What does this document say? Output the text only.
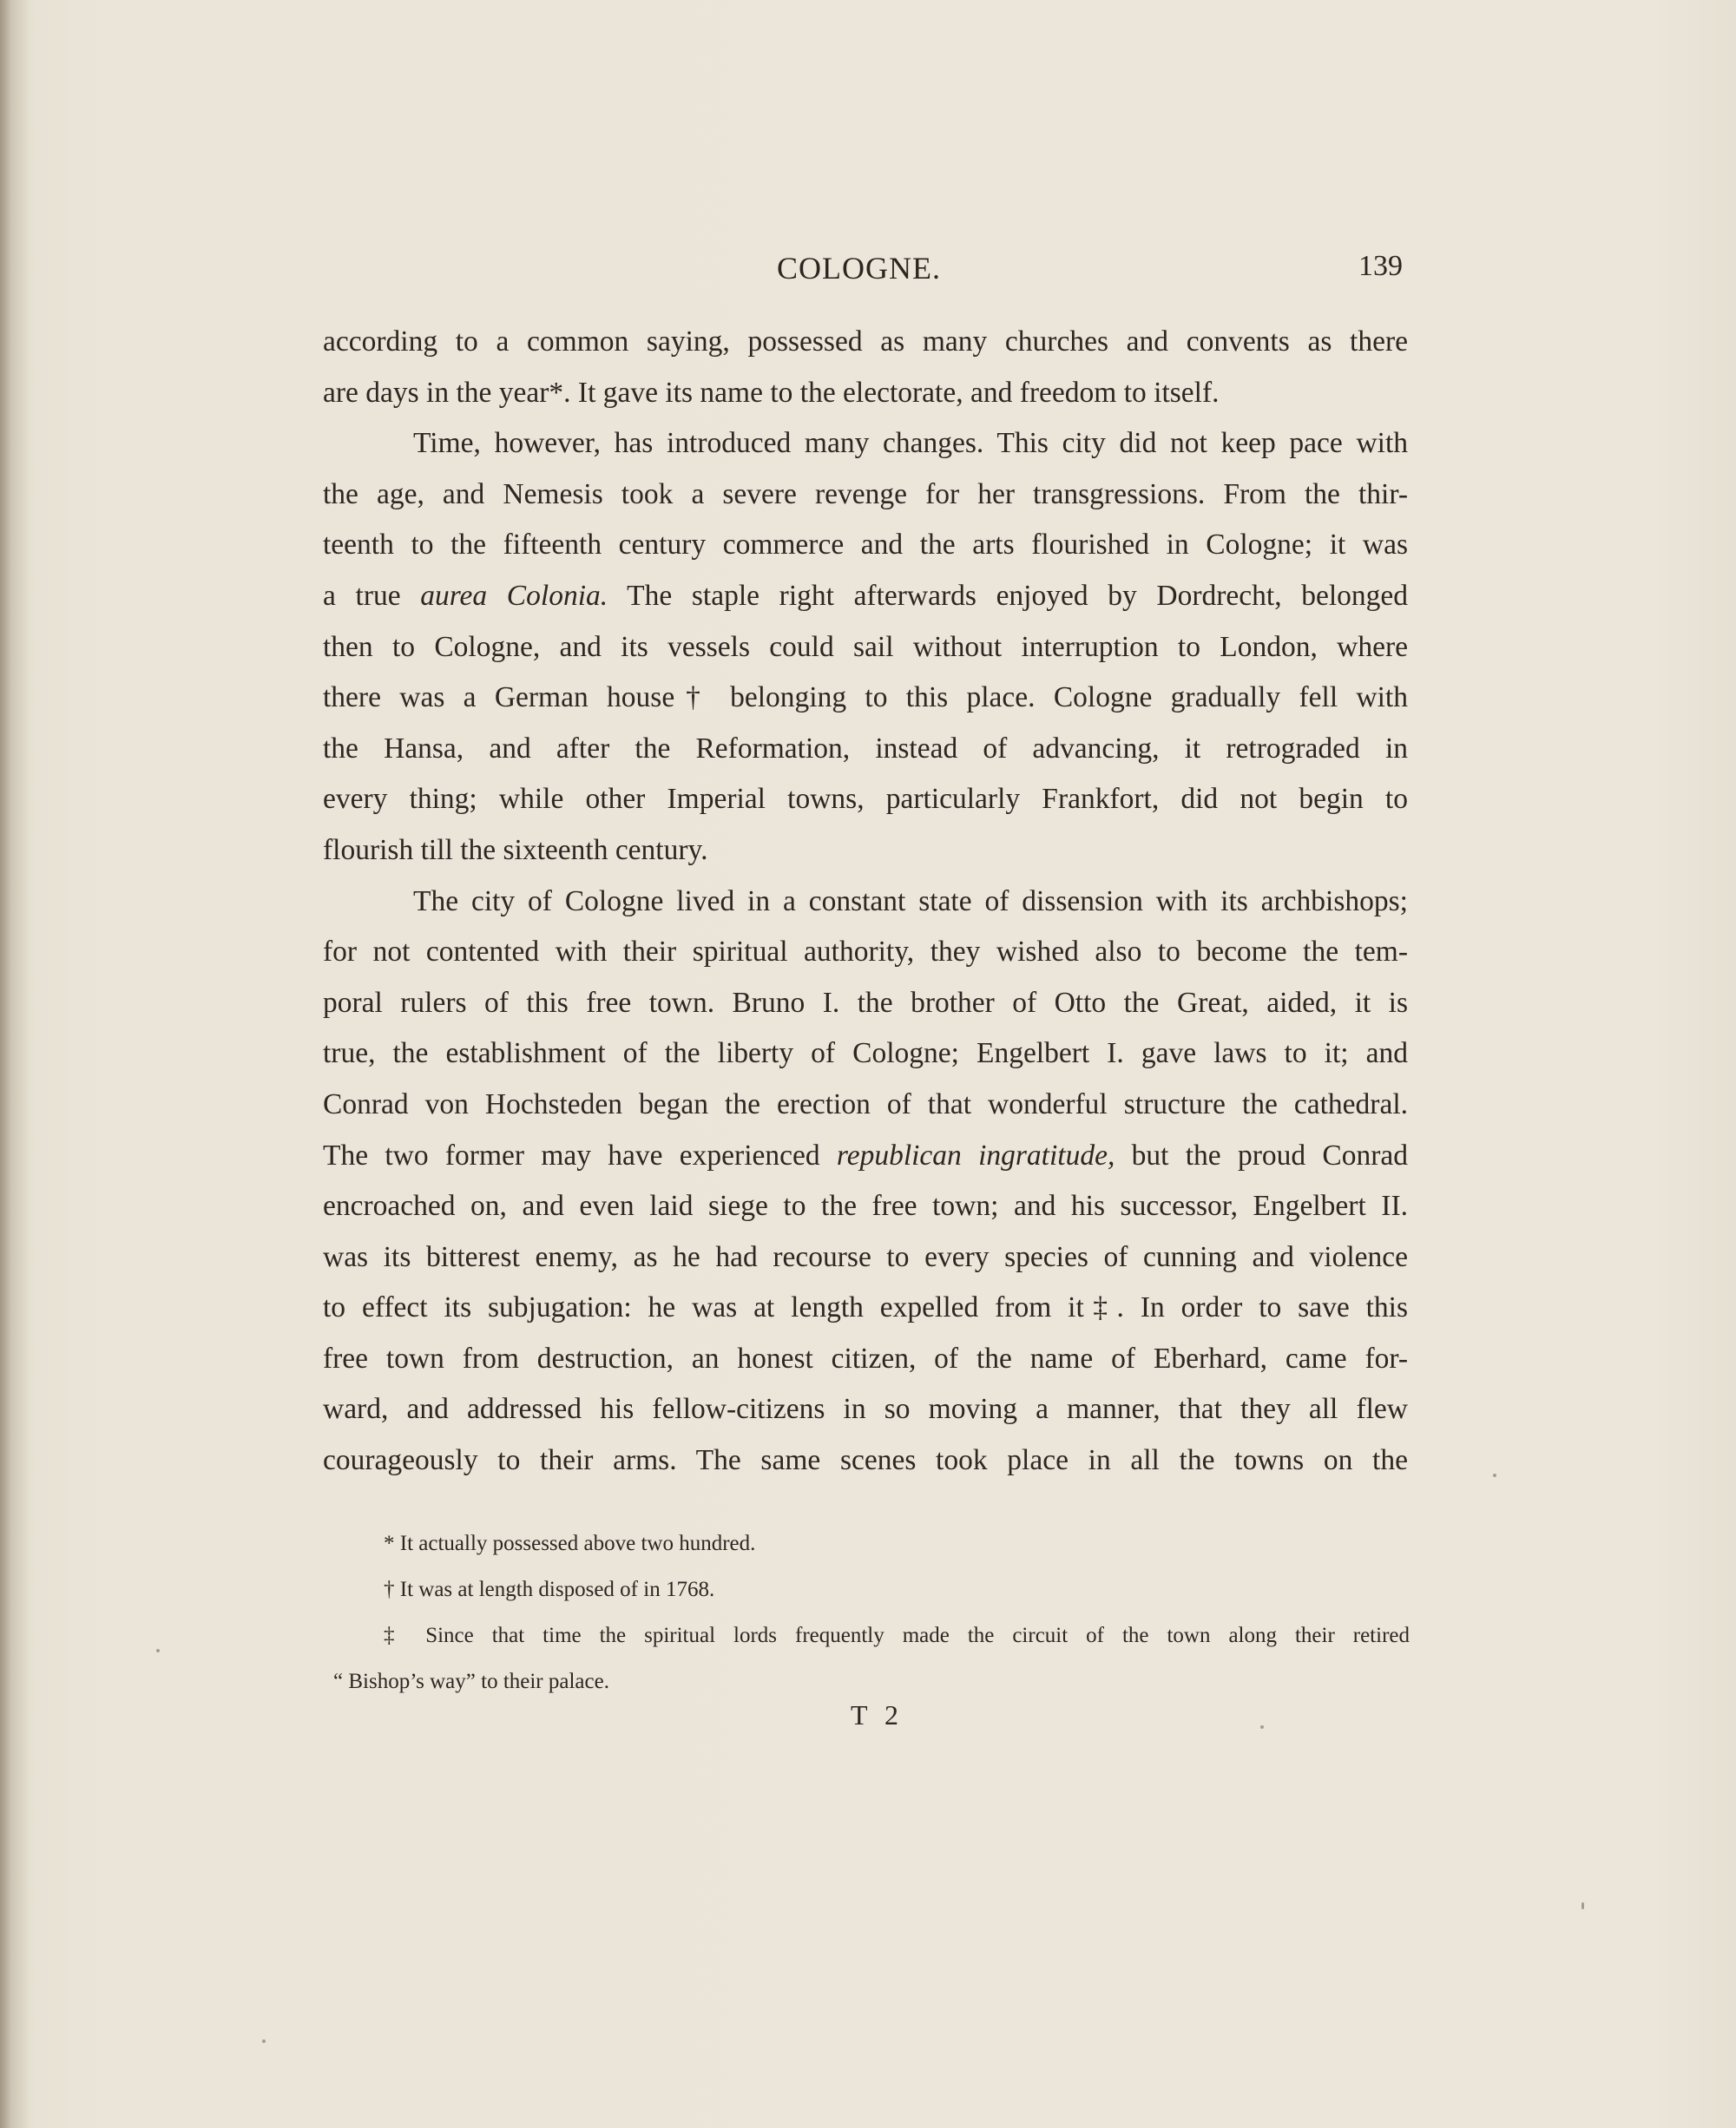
COLOGNE.	139
according to a common saying, possessed as many churches and convents as there
are days in the year*. It gave its name to the electorate, and freedom to itself.
Time, however, has introduced many changes. This city did not keep pace with
the age, and Nemesis took a severe revenge for her transgressions. From the thir-
teenth to the fifteenth century commerce and the arts flourished in Cologne; it was
a true aurea Colonia. The staple right afterwards enjoyed by Dordrecht, belonged
then to Cologne, and its vessels could sail without interruption to London, where
there was a German house† belonging to this place. Cologne gradually fell with
the Hansa, and after the Reformation, instead of advancing, it retrograded in
every thing; while other Imperial towns, particularly Frankfort, did not begin to
flourish till the sixteenth century.
The city of Cologne lived in a constant state of dissension with its archbishops;
for not contented with their spiritual authority, they wished also to become the tem-
poral rulers of this free town. Bruno I. the brother of Otto the Great, aided, it is
true, the establishment of the liberty of Cologne; Engelbert I. gave laws to it; and
Conrad von Hochsteden began the erection of that wonderful structure the cathedral.
The two former may have experienced republican ingratitude, but the proud Conrad
encroached on, and even laid siege to the free town; and his successor, Engelbert II.
was its bitterest enemy, as he had recourse to every species of cunning and violence
to effect its subjugation: he was at length expelled from it‡. In order to save this
free town from destruction, an honest citizen, of the name of Eberhard, came for-
ward, and addressed his fellow-citizens in so moving a manner, that they all flew
courageously to their arms. The same scenes took place in all the towns on the
* It actually possessed above two hundred.
† It was at length disposed of in 1768.
‡ Since that time the spiritual lords frequently made the circuit of the town along their retired
“ Bishop’s way” to their palace.
T 2
